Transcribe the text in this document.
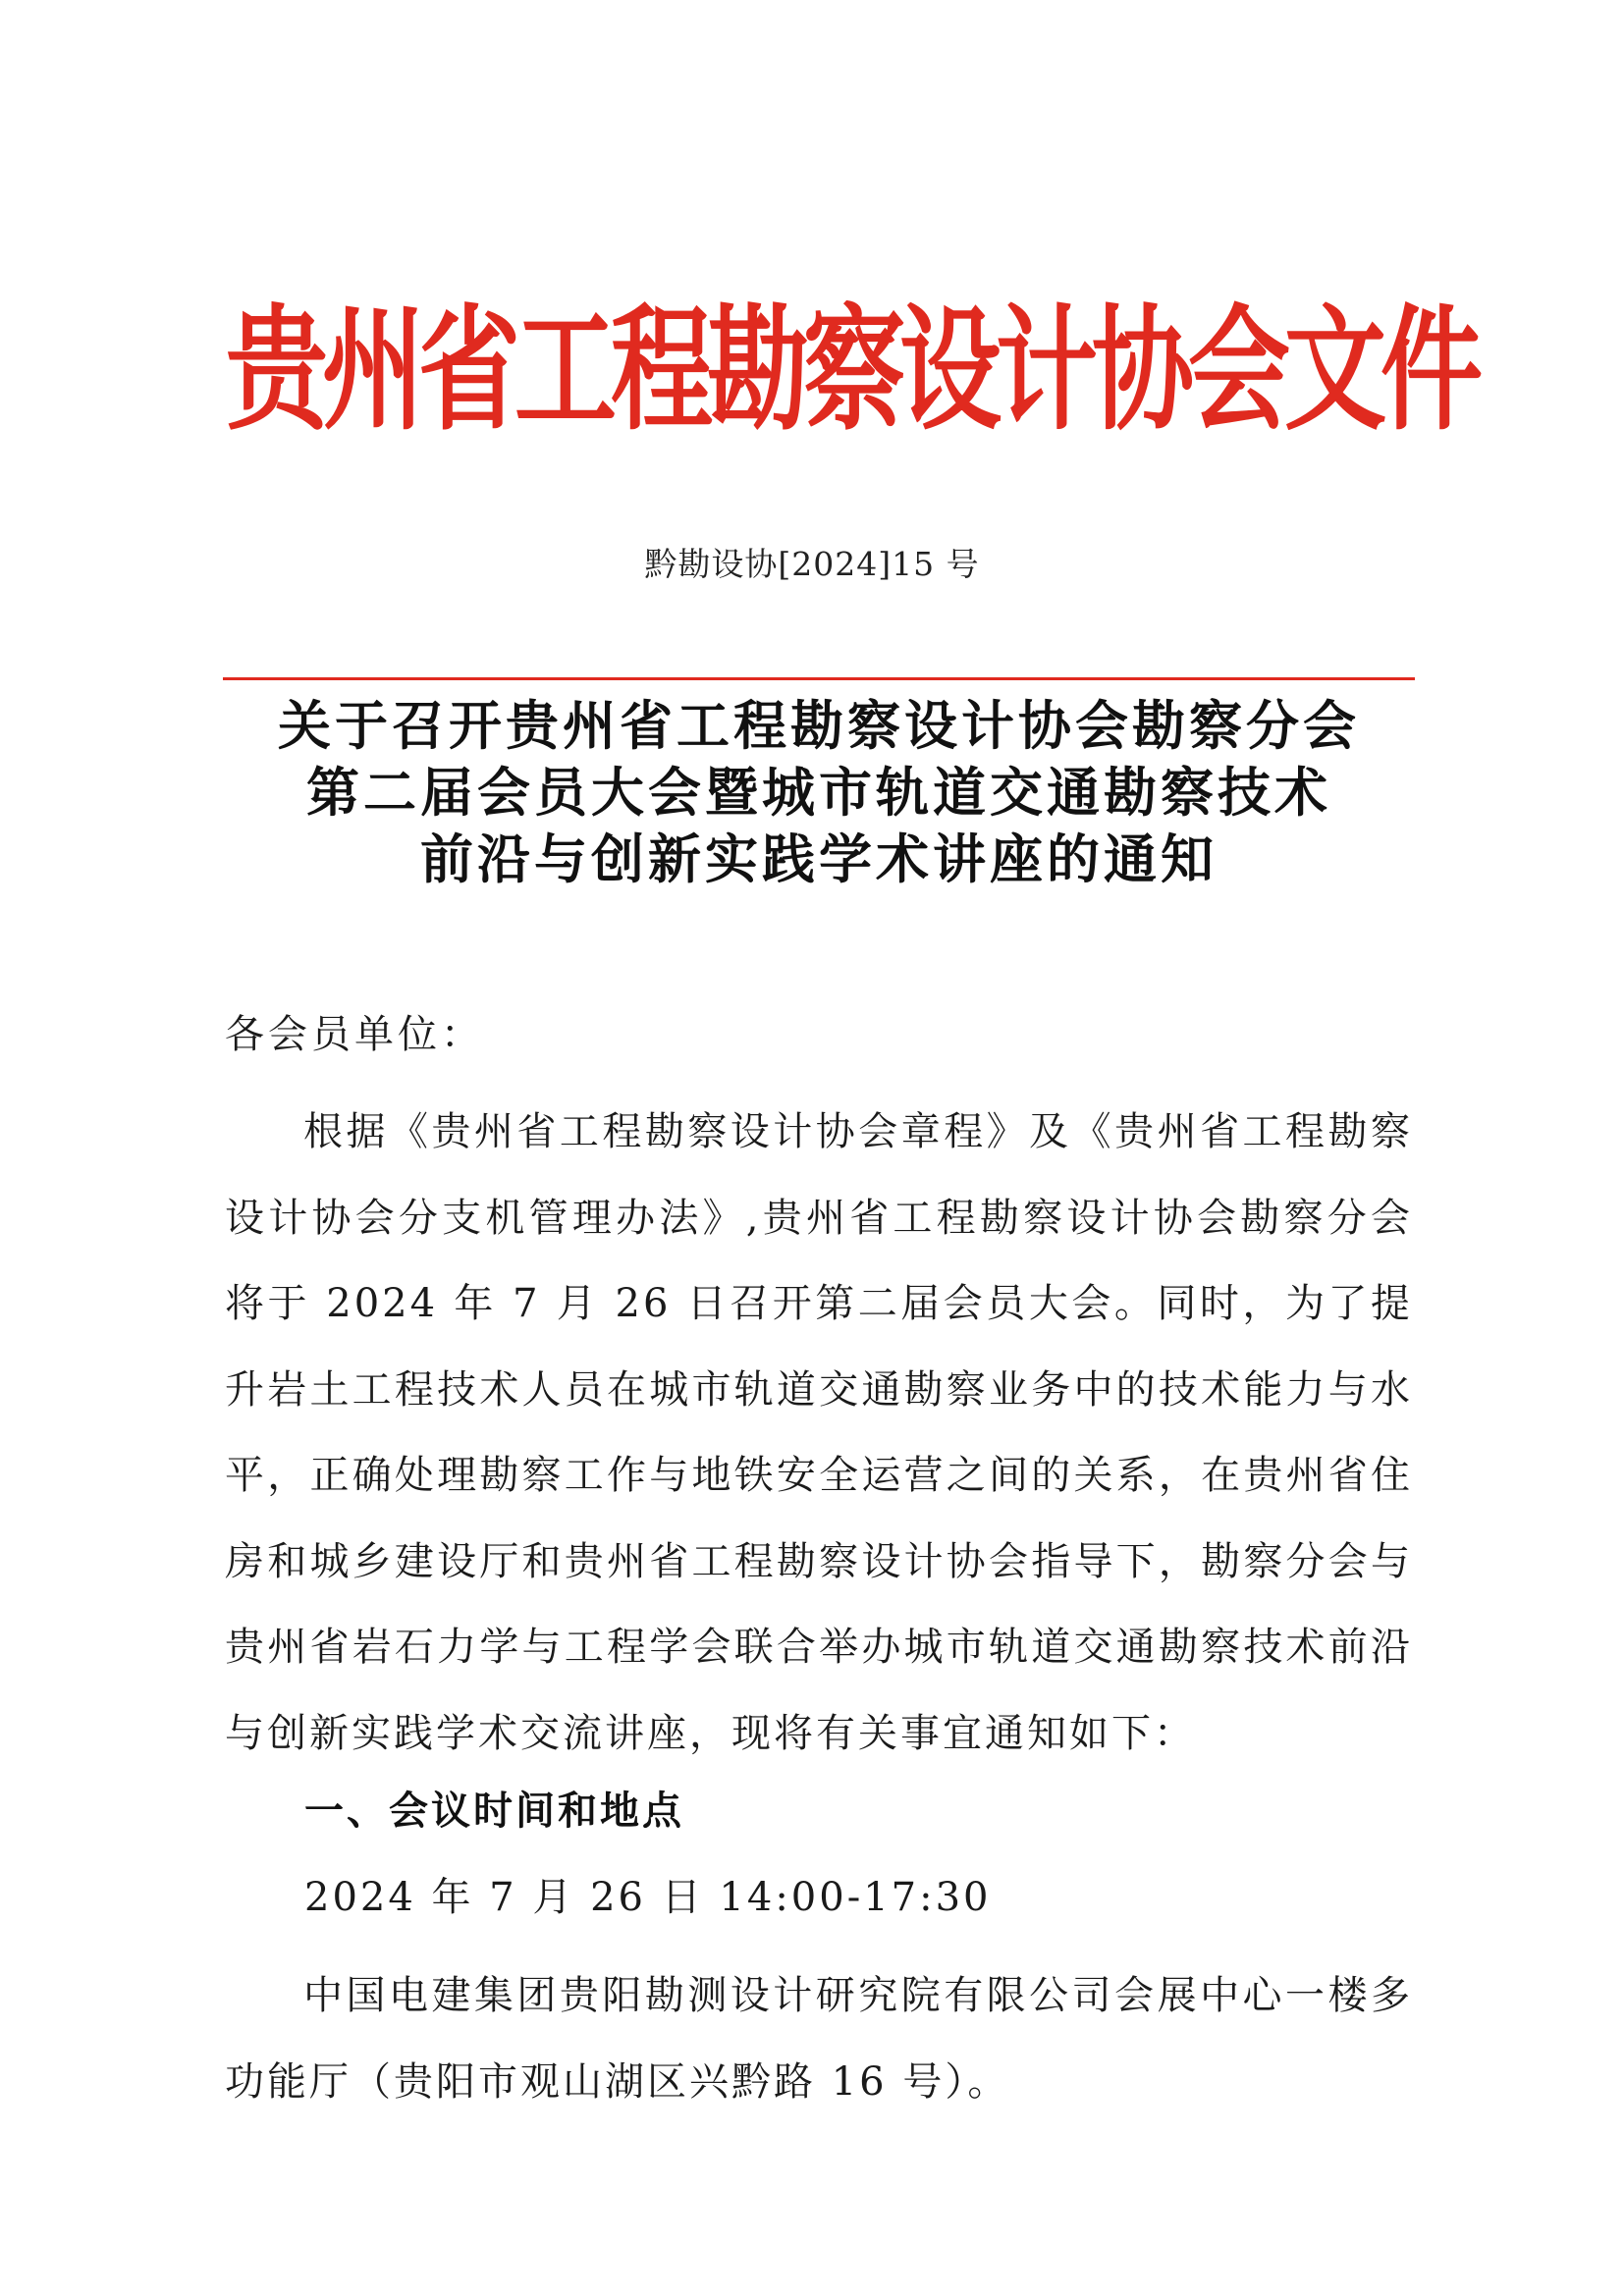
贵州省工程勘察设计协会文件
黔勘设协[2024]15 号
关于召开贵州省工程勘察设计协会勘察分会
第二届会员大会暨城市轨道交通勘察技术
前沿与创新实践学术讲座的通知
各会员单位：

根据《贵州省工程勘察设计协会章程》及《贵州省工程勘察设计协会分支机管理办法》,贵州省工程勘察设计协会勘察分会将于 2024 年 7 月 26 日召开第二届会员大会。同时，为了提升岩土工程技术人员在城市轨道交通勘察业务中的技术能力与水平，正确处理勘察工作与地铁安全运营之间的关系，在贵州省住房和城乡建设厅和贵州省工程勘察设计协会指导下，勘察分会与贵州省岩石力学与工程学会联合举办城市轨道交通勘察技术前沿与创新实践学术交流讲座，现将有关事宜通知如下：

一、会议时间和地点
2024 年 7 月 26 日 14:00-17:30

中国电建集团贵阳勘测设计研究院有限公司会展中心一楼多功能厅（贵阳市观山湖区兴黔路 16 号）。
